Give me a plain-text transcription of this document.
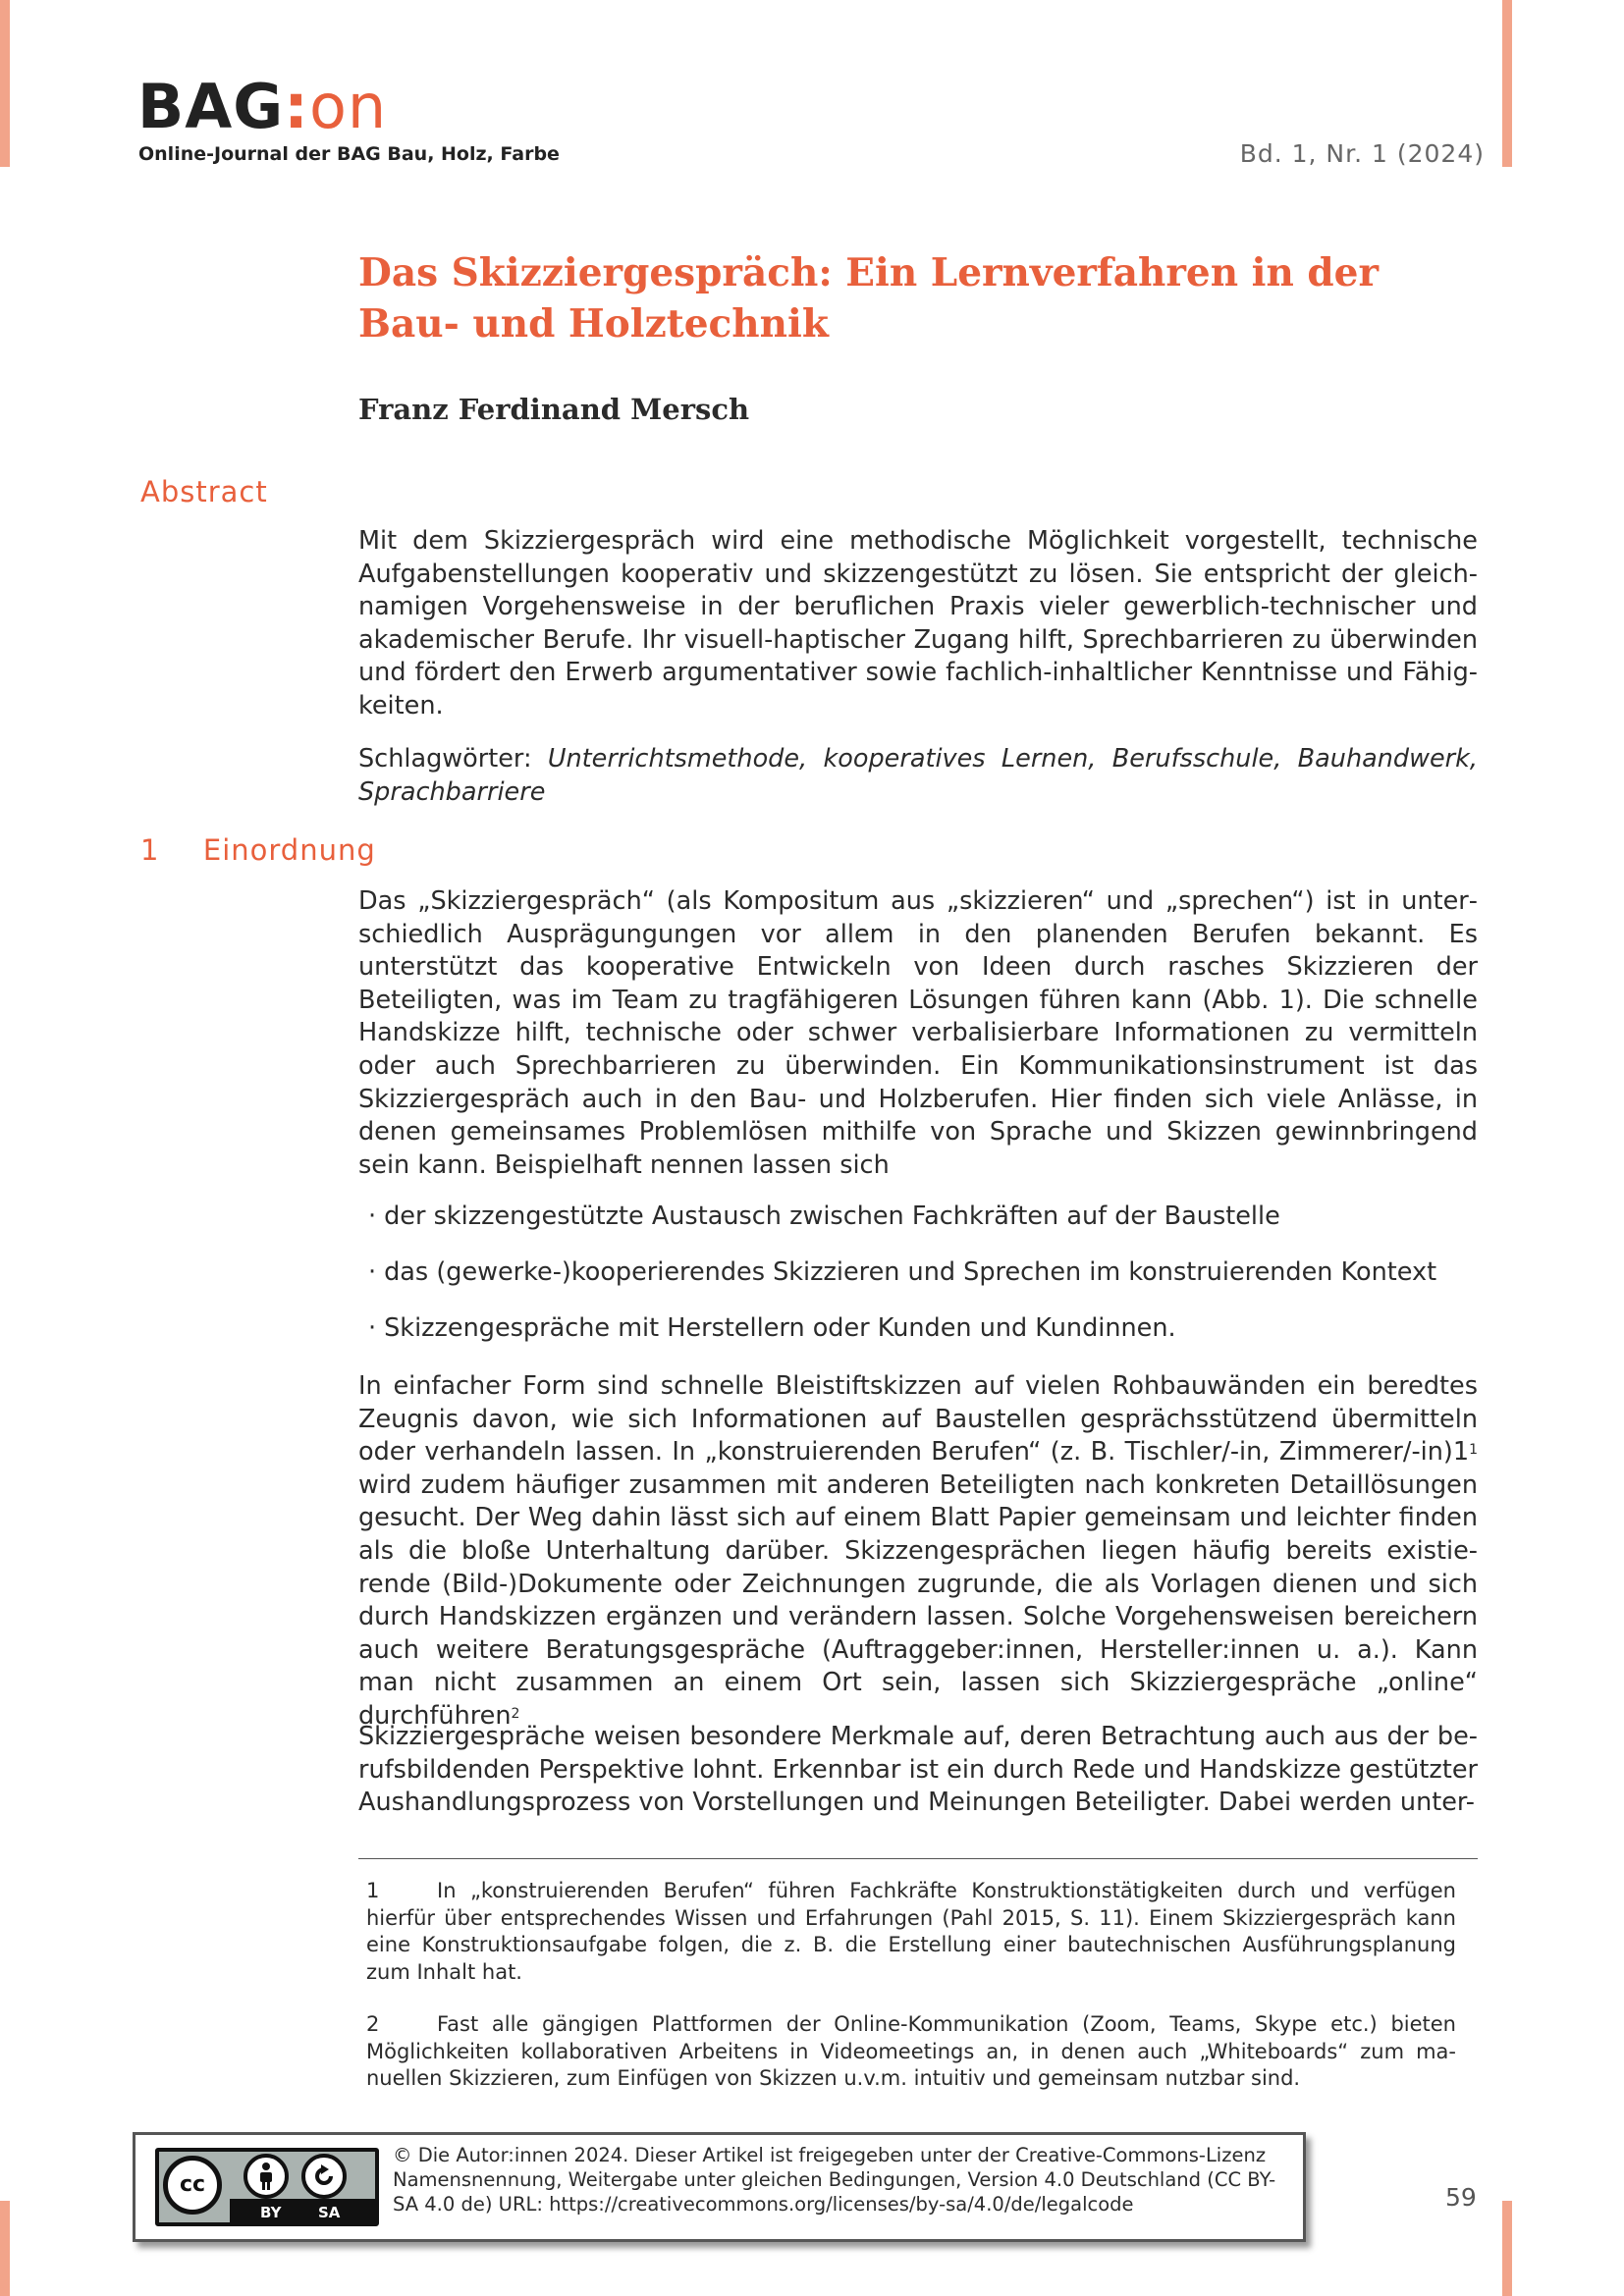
BAG:on
Online-Journal der BAG Bau, Holz, Farbe	Bd. 1, Nr. 1 (2024)
Das Skizziergespräch: Ein Lernverfahren in der Bau- und Holztechnik
Franz Ferdinand Mersch
Abstract

Mit dem Skizziergespräch wird eine methodische Möglichkeit vorgestellt, technische Aufgabenstellungen kooperativ und skizzengestützt zu lösen. Sie entspricht der gleichnamigen Vorgehensweise in der beruflichen Praxis vieler gewerblich-technischer und akademischer Berufe. Ihr visuell-haptischer Zugang hilft, Sprechbarrieren zu überwinden und fördert den Erwerb argumentativer sowie fachlich-inhaltlicher Kenntnisse und Fähigkeiten.

Schlagwörter: Unterrichtsmethode, kooperatives Lernen, Berufsschule, Bauhandwerk, Sprachbarriere

1 Einordnung

Das „Skizziergespräch“ (als Kompositum aus „skizzieren“ und „sprechen“) ist in unterschiedlich Ausprägungungen vor allem in den planenden Berufen bekannt. Es unterstützt das kooperative Entwickeln von Ideen durch rasches Skizzieren der Beteiligten, was im Team zu tragfähigeren Lösungen führen kann (Abb. 1). Die schnelle Handskizze hilft, technische oder schwer verbalisierbare Informationen zu vermitteln oder auch Sprechbarrieren zu überwinden. Ein Kommunikationsinstrument ist das Skizziergespräch auch in den Bau- und Holzberufen. Hier finden sich viele Anlässe, in denen gemeinsames Problemlösen mithilfe von Sprache und Skizzen gewinnbringend sein kann. Beispielhaft nennen lassen sich

· der skizzengestützte Austausch zwischen Fachkräften auf der Baustelle
· das (gewerke-)kooperierendes Skizzieren und Sprechen im konstruierenden Kontext
· Skizzengespräche mit Herstellern oder Kunden und Kundinnen.

In einfacher Form sind schnelle Bleistiftskizzen auf vielen Rohbauwänden ein beredtes Zeugnis davon, wie sich Informationen auf Baustellen gesprächsstützend übermitteln oder verhandeln lassen. In „konstruierenden Berufen“ (z. B. Tischler/-in, Zimmerer/$-in)1^1$ wird zudem häufiger zusammen mit anderen Beteiligten nach konkreten Detaillösungen gesucht. Der Weg dahin lässt sich auf einem Blatt Papier gemeinsam und leichter finden als die bloße Unterhaltung darüber. Skizzengesprächen liegen häufig bereits existierende (Bild-)Dokumente oder Zeichnungen zugrunde, die als Vorlagen dienen und sich durch Handskizzen ergänzen und verändern lassen. Solche Vorgehensweisen bereichern auch weitere Beratungsgespräche (Auftraggeber:innen, Hersteller:innen u. a.). Kann man nicht zusammen an einem Ort sein, lassen sich Skizziergespräche „online“ durchführen$^2$

Skizziergespräche weisen besondere Merkmale auf, deren Betrachtung auch aus der berufsbildenden Perspektive lohnt. Erkennbar ist ein durch Rede und Handskizze gestützter Aushandlungsprozess von Vorstellungen und Meinungen Beteiligter. Dabei werden unter-

1	In „konstruierenden Berufen“ führen Fachkräfte Konstruktionstätigkeiten durch und verfügen hierfür über entsprechendes Wissen und Erfahrungen (Pahl 2015, S. 11). Einem Skizziergespräch kann eine Konstruktionsaufgabe folgen, die z. B. die Erstellung einer bautechnischen Ausführungsplanung zum Inhalt hat.

2	Fast alle gängigen Plattformen der Online-Kommunikation (Zoom, Teams, Skype etc.) bieten Möglichkeiten kollaborativen Arbeitens in Videomeetings an, in denen auch „Whiteboards“ zum manuellen Skizzieren, zum Einfügen von Skizzen u.v.m. intuitiv und gemeinsam nutzbar sind.

cc
BY	SA

© Die Autor:innen 2024. Dieser Artikel ist freigegeben unter der Creative-Commons-Lizenz Namensnennung, Weitergabe unter gleichen Bedingungen, Version 4.0 Deutschland (CC BY-SA 4.0 de) URL: https://creativecommons.org/licenses/by-sa/4.0/de/legalcode	59
